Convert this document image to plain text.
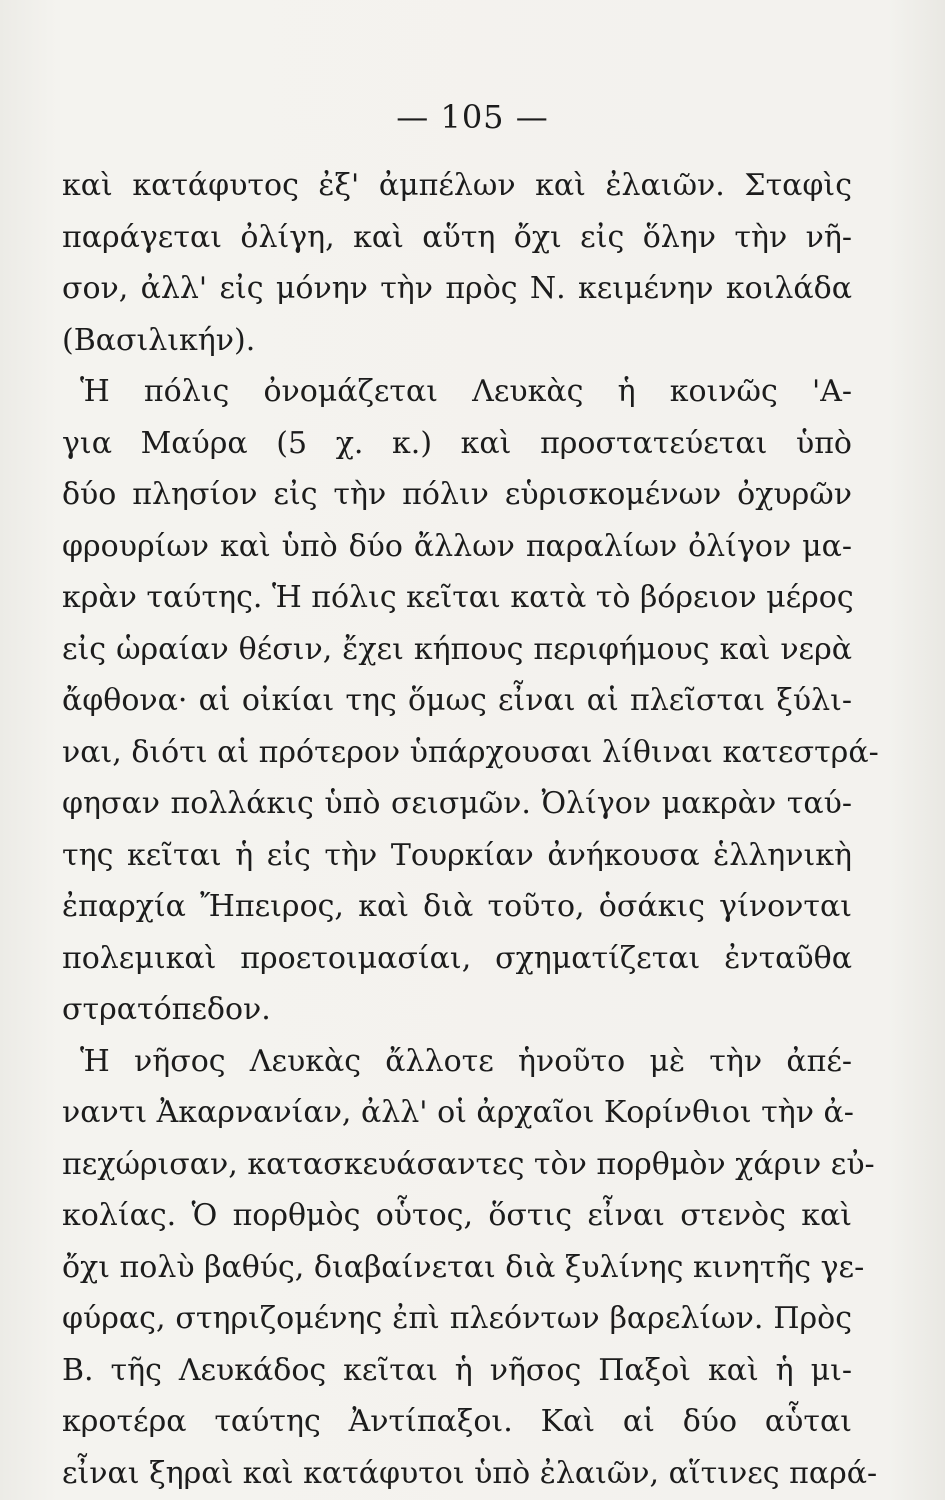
— 105 —
καὶ κατάφυτος ἐξ' ἀμπέλων καὶ ἐλαιῶν. Σταφὶς
παράγεται ὀλίγη, καὶ αὕτη ὄχι εἰς ὅλην τὴν νῆ-
σον, ἀλλ' εἰς μόνην τὴν πρὸς Ν. κειμένην κοιλάδα
(Βασιλικήν).
Ἡ πόλις ὀνομάζεται Λευκὰς ἡ κοινῶς 'Α-
για Μαύρα (5 χ. κ.) καὶ προστατεύεται ὑπὸ
δύο πλησίον εἰς τὴν πόλιν εὑρισκομένων ὀχυρῶν
φρουρίων καὶ ὑπὸ δύο ἄλλων παραλίων ὀλίγον μα-
κρὰν ταύτης. Ἡ πόλις κεῖται κατὰ τὸ βόρειον μέρος
εἰς ὡραίαν θέσιν, ἔχει κήπους περιφήμους καὶ νερὰ
ἄφθονα· αἱ οἰκίαι της ὅμως εἶναι αἱ πλεῖσται ξύλι-
ναι, διότι αἱ πρότερον ὑπάρχουσαι λίθιναι κατεστρά-
φησαν πολλάκις ὑπὸ σεισμῶν. Ὀλίγον μακρὰν ταύ-
της κεῖται ἡ εἰς τὴν Τουρκίαν ἀνήκουσα ἑλληνικὴ
ἐπαρχία Ἤπειρος, καὶ διὰ τοῦτο, ὁσάκις γίνονται
πολεμικαὶ προετοιμασίαι, σχηματίζεται ἐνταῦθα
στρατόπεδον.
Ἡ νῆσος Λευκὰς ἄλλοτε ἡνοῦτο μὲ τὴν ἀπέ-
ναντι Ἀκαρνανίαν, ἀλλ' οἱ ἀρχαῖοι Κορίνθιοι τὴν ἀ-
πεχώρισαν, κατασκευάσαντες τὸν πορθμὸν χάριν εὐ-
κολίας. Ὁ πορθμὸς οὗτος, ὅστις εἶναι στενὸς καὶ
ὄχι πολὺ βαθύς, διαβαίνεται διὰ ξυλίνης κινητῆς γε-
φύρας, στηριζομένης ἐπὶ πλεόντων βαρελίων. Πρὸς
Β. τῆς Λευκάδος κεῖται ἡ νῆσος Παξοὶ καὶ ἡ μι-
κροτέρα ταύτης Ἀντίπαξοι. Καὶ αἱ δύο αὗται
εἶναι ξηραὶ καὶ κατάφυτοι ὑπὸ ἐλαιῶν, αἵτινες παρά-
